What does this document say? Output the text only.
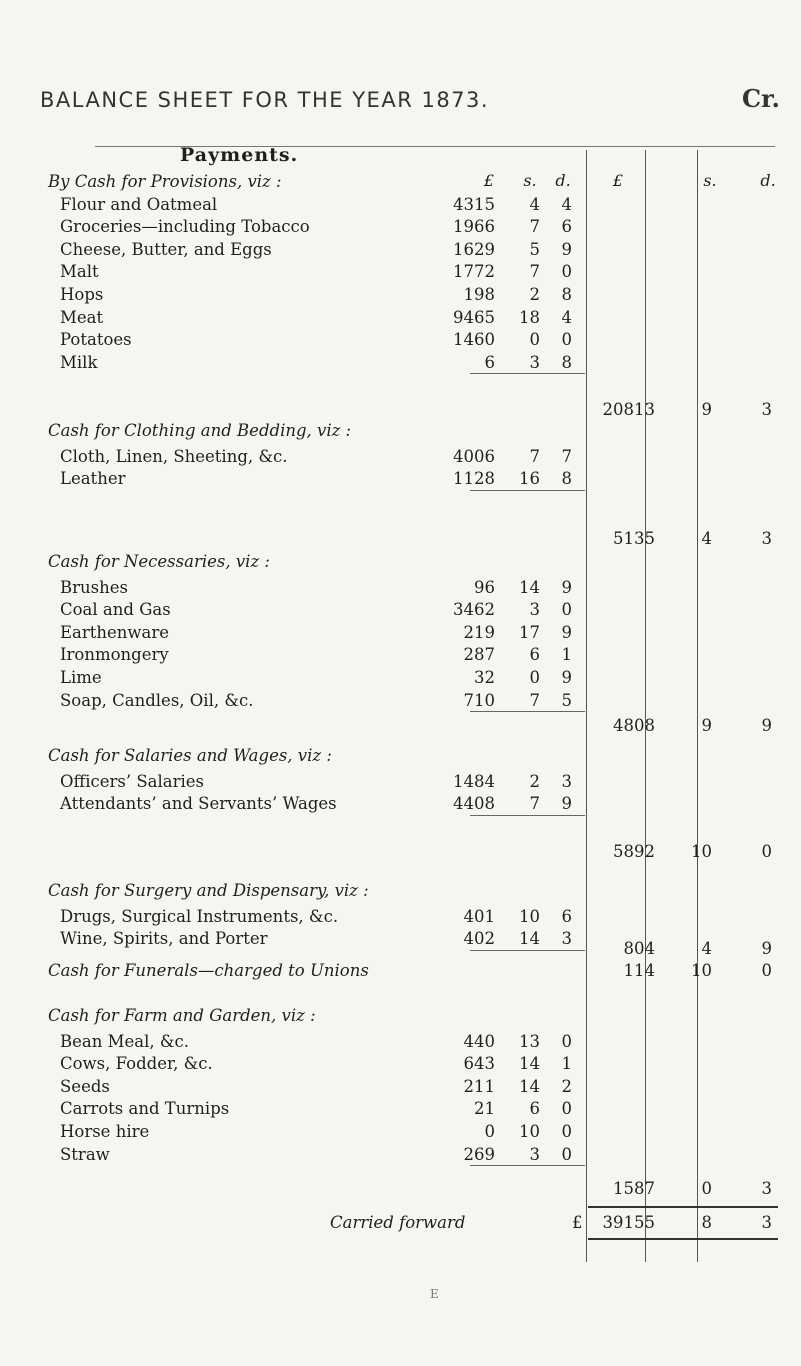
BALANCE SHEET FOR THE YEAR 1873.	Cr.
Payments.
£	s.	d.	£	s.	d.
By Cash for Provisions, viz :
Flour and Oatmeal	4315	4	4
Groceries—including Tobacco	1966	7	6
Cheese, Butter, and Eggs	1629	5	9
Malt	1772	7	0
Hops	198	2	8
Meat	9465	18	4
Potatoes	1460	0	0
Milk	6	3	8
20813	9	3
Cash for Clothing and Bedding, viz :
Cloth, Linen, Sheeting, &c.	4006	7	7
Leather	1128	16	8
5135	4	3
Cash for Necessaries, viz :
Brushes	96	14	9
Coal and Gas	3462	3	0
Earthenware	219	17	9
Ironmongery	287	6	1
Lime	32	0	9
Soap, Candles, Oil, &c.	710	7	5
4808	9	9
Cash for Salaries and Wages, viz :
Officers’ Salaries	1484	2	3
Attendants’ and Servants’ Wages	4408	7	9
5892	10	0
Cash for Surgery and Dispensary, viz :
Drugs, Surgical Instruments, &c.	401	10	6
Wine, Spirits, and Porter	402	14	3
804	4	9
Cash for Funerals—charged to Unions	114	10	0
Cash for Farm and Garden, viz :
Bean Meal, &c.	440	13	0
Cows, Fodder, &c.	643	14	1
Seeds	211	14	2
Carrots and Turnips	21	6	0
Horse hire	0	10	0
Straw	269	3	0
1587	0	3
Carried forward	£	39155	8	3
E
